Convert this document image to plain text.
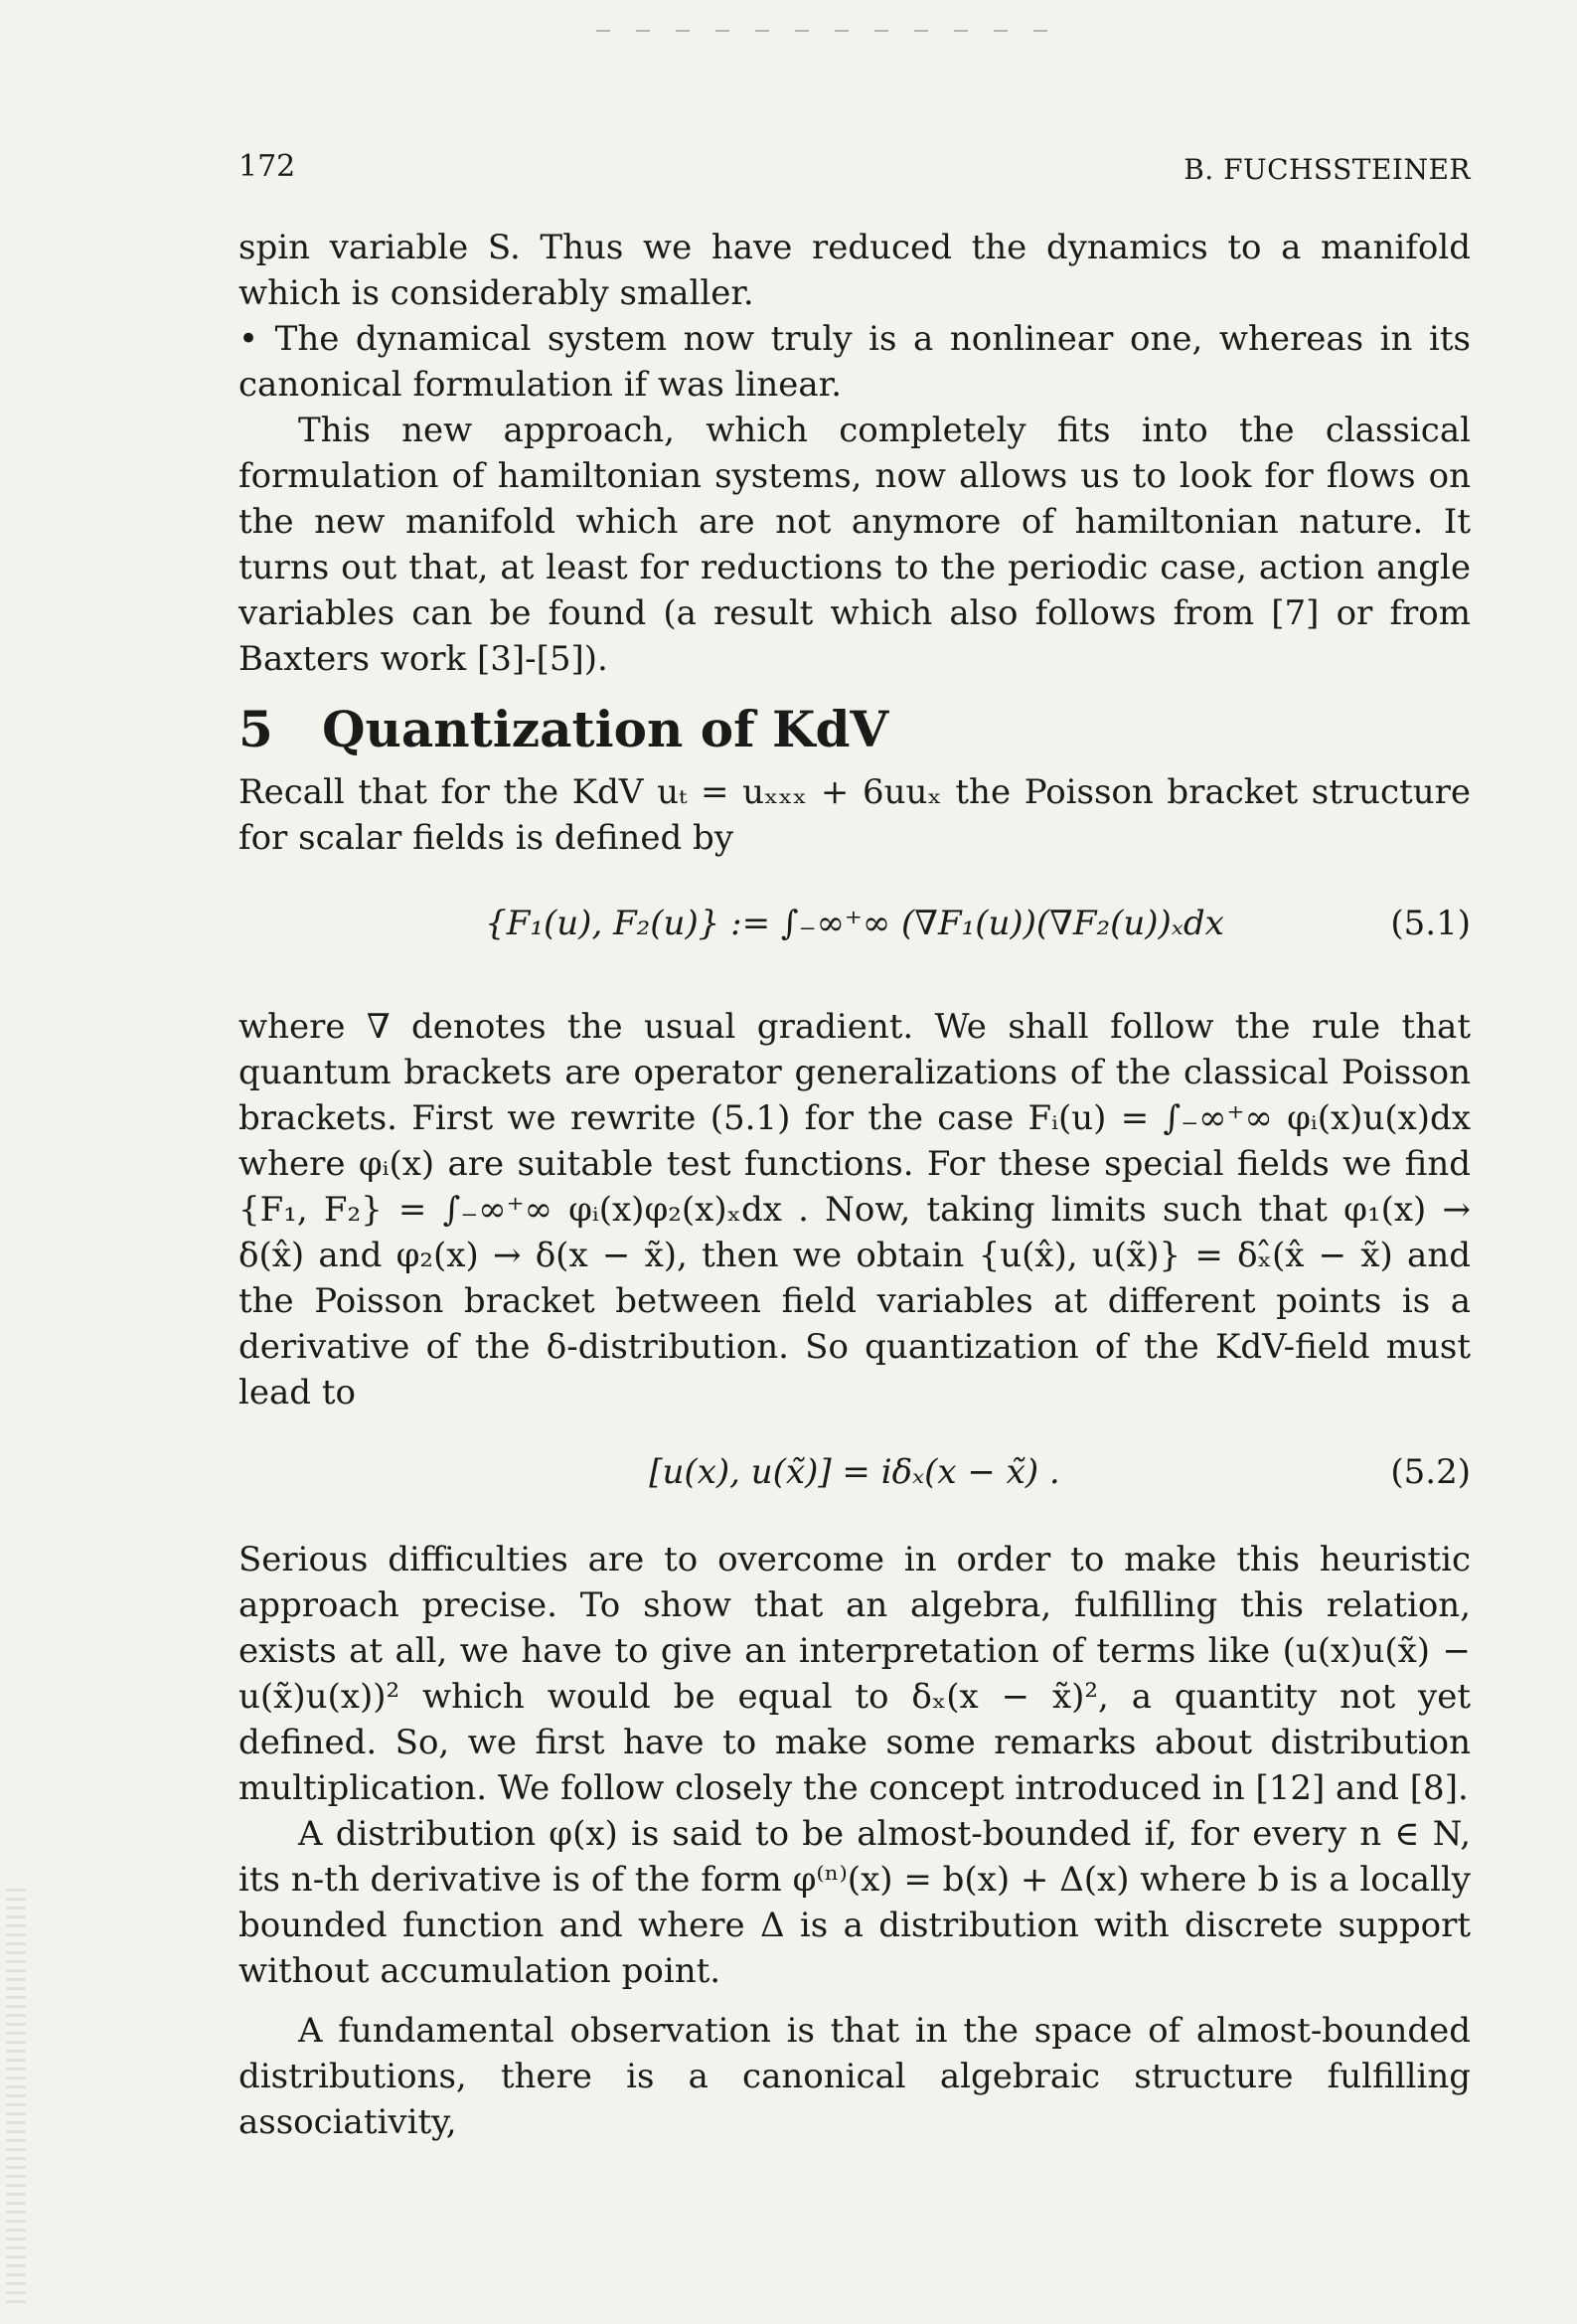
172	B. FUCHSSTEINER

spin variable S. Thus we have reduced the dynamics to a manifold which is considerably smaller.

• The dynamical system now truly is a nonlinear one, whereas in its canonical formulation if was linear.

This new approach, which completely fits into the classical formulation of hamiltonian systems, now allows us to look for flows on the new manifold which are not anymore of hamiltonian nature. It turns out that, at least for reductions to the periodic case, action angle variables can be found (a result which also follows from [7] or from Baxters work [3]-[5]).

5 Quantization of KdV

Recall that for the KdV uₜ = uₓₓₓ + 6uuₓ the Poisson bracket structure for scalar fields is defined by

{F₁(u), F₂(u)} := ∫₋∞⁺∞ (∇F₁(u))(∇F₂(u))ₓdx	(5.1)

where ∇ denotes the usual gradient. We shall follow the rule that quantum brackets are operator generalizations of the classical Poisson brackets. First we rewrite (5.1) for the case Fᵢ(u) = ∫₋∞⁺∞ φᵢ(x)u(x)dx where φᵢ(x) are suitable test functions. For these special fields we find {F₁, F₂} = ∫₋∞⁺∞ φᵢ(x)φ₂(x)ₓdx . Now, taking limits such that φ₁(x) → δ(x̂) and φ₂(x) → δ(x − x̃), then we obtain {u(x̂), u(x̃)} = δₓ̂(x̂ − x̃) and the Poisson bracket between field variables at different points is a derivative of the δ-distribution. So quantization of the KdV-field must lead to

[u(x), u(x̃)] = iδₓ(x − x̃) .	(5.2)

Serious difficulties are to overcome in order to make this heuristic approach precise. To show that an algebra, fulfilling this relation, exists at all, we have to give an interpretation of terms like (u(x)u(x̃) − u(x̃)u(x))² which would be equal to δₓ(x − x̃)², a quantity not yet defined. So, we first have to make some remarks about distribution multiplication. We follow closely the concept introduced in [12] and [8].

A distribution φ(x) is said to be almost-bounded if, for every n ∈ N, its n-th derivative is of the form φ⁽ⁿ⁾(x) = b(x) + Δ(x) where b is a locally bounded function and where Δ is a distribution with discrete support without accumulation point.

A fundamental observation is that in the space of almost-bounded distributions, there is a canonical algebraic structure fulfilling associativity,
